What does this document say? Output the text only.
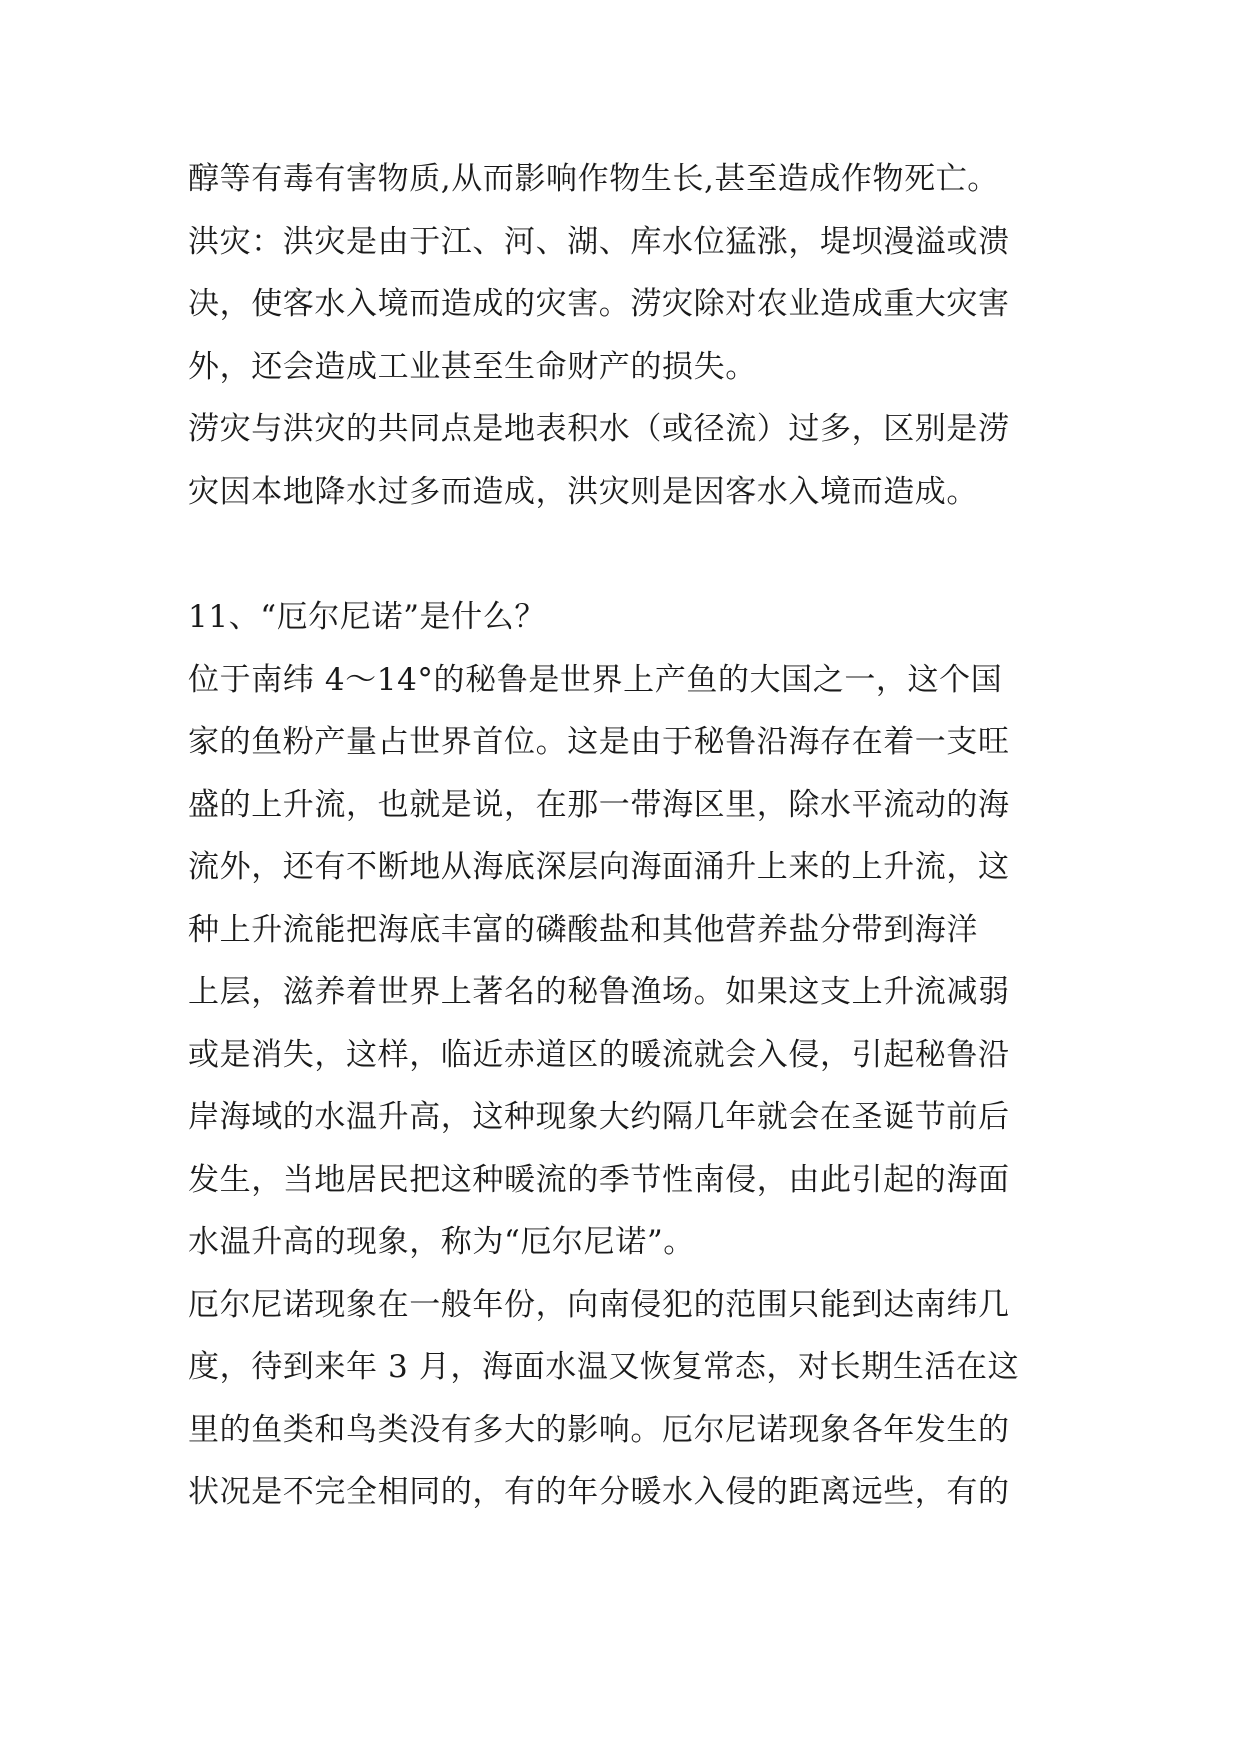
醇等有毒有害物质,从而影响作物生长,甚至造成作物死亡。
洪灾：洪灾是由于江、河、湖、库水位猛涨，堤坝漫溢或溃
决，使客水入境而造成的灾害。涝灾除对农业造成重大灾害
外，还会造成工业甚至生命财产的损失。
涝灾与洪灾的共同点是地表积水（或径流）过多，区别是涝
灾因本地降水过多而造成，洪灾则是因客水入境而造成。
11、“厄尔尼诺”是什么？
位于南纬 4～14°的秘鲁是世界上产鱼的大国之一，这个国
家的鱼粉产量占世界首位。这是由于秘鲁沿海存在着一支旺
盛的上升流，也就是说，在那一带海区里，除水平流动的海
流外，还有不断地从海底深层向海面涌升上来的上升流，这
种上升流能把海底丰富的磷酸盐和其他营养盐分带到海洋
上层，滋养着世界上著名的秘鲁渔场。如果这支上升流减弱
或是消失，这样，临近赤道区的暖流就会入侵，引起秘鲁沿
岸海域的水温升高，这种现象大约隔几年就会在圣诞节前后
发生，当地居民把这种暖流的季节性南侵，由此引起的海面
水温升高的现象，称为“厄尔尼诺”。
厄尔尼诺现象在一般年份，向南侵犯的范围只能到达南纬几
度，待到来年 3 月，海面水温又恢复常态，对长期生活在这
里的鱼类和鸟类没有多大的影响。厄尔尼诺现象各年发生的
状况是不完全相同的，有的年分暖水入侵的距离远些，有的
